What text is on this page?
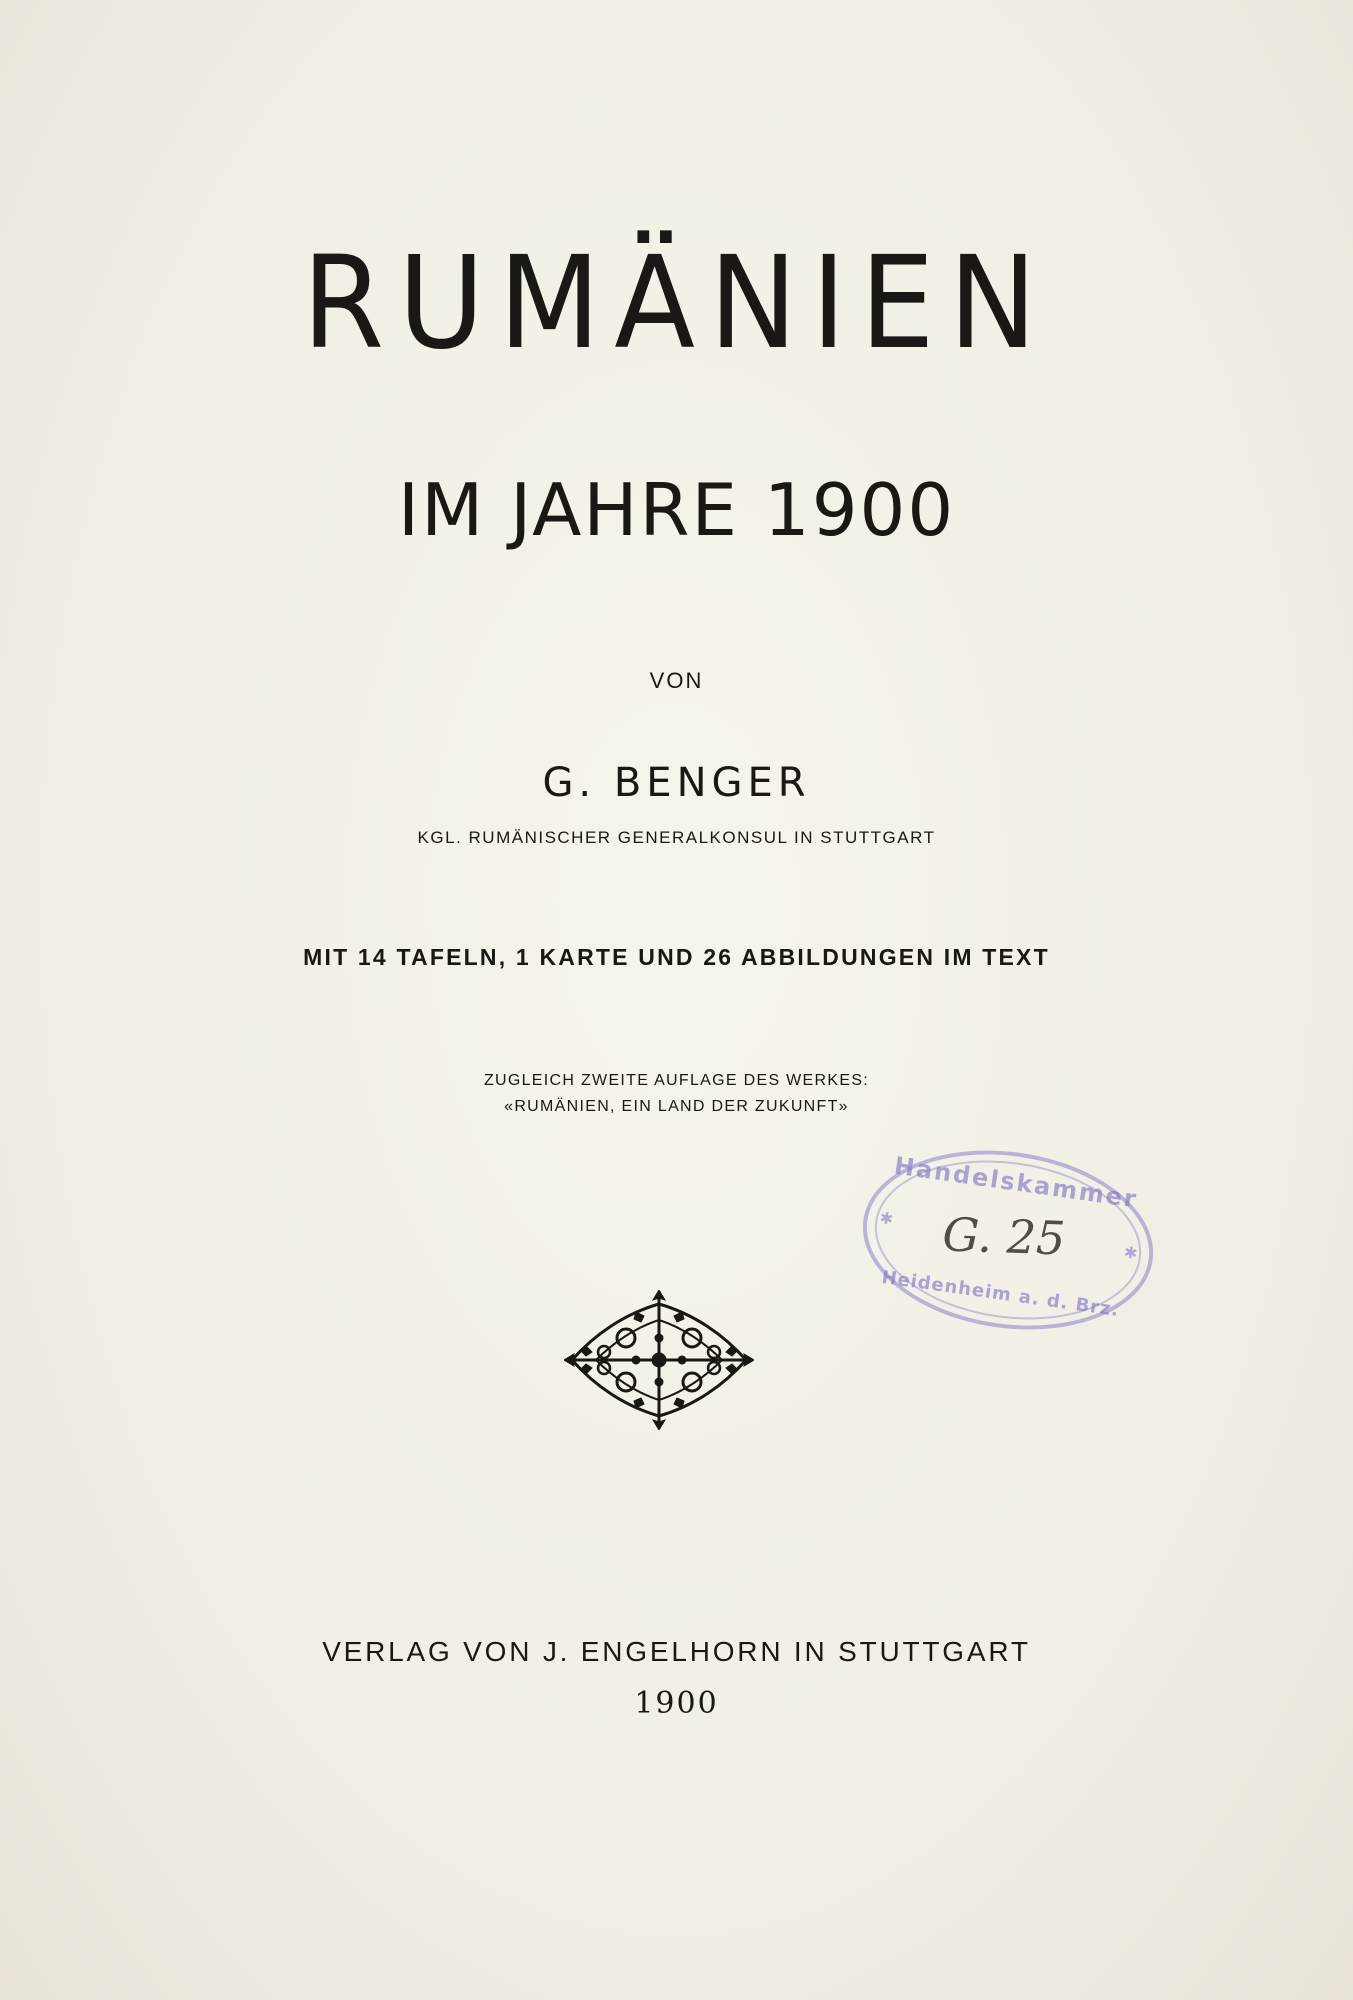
RUMÄNIEN
IM JAHRE 1900
VON
G. BENGER
KGL. RUMÄNISCHER GENERALKONSUL IN STUTTGART
MIT 14 TAFELN, 1 KARTE UND 26 ABBILDUNGEN IM TEXT
ZUGLEICH ZWEITE AUFLAGE DES WERKES:
«RUMÄNIEN, EIN LAND DER ZUKUNFT»
Handelskammer
✱
✱
G. 25
Heidenheim a. d. Brz.
VERLAG VON J. ENGELHORN IN STUTTGART
1900
